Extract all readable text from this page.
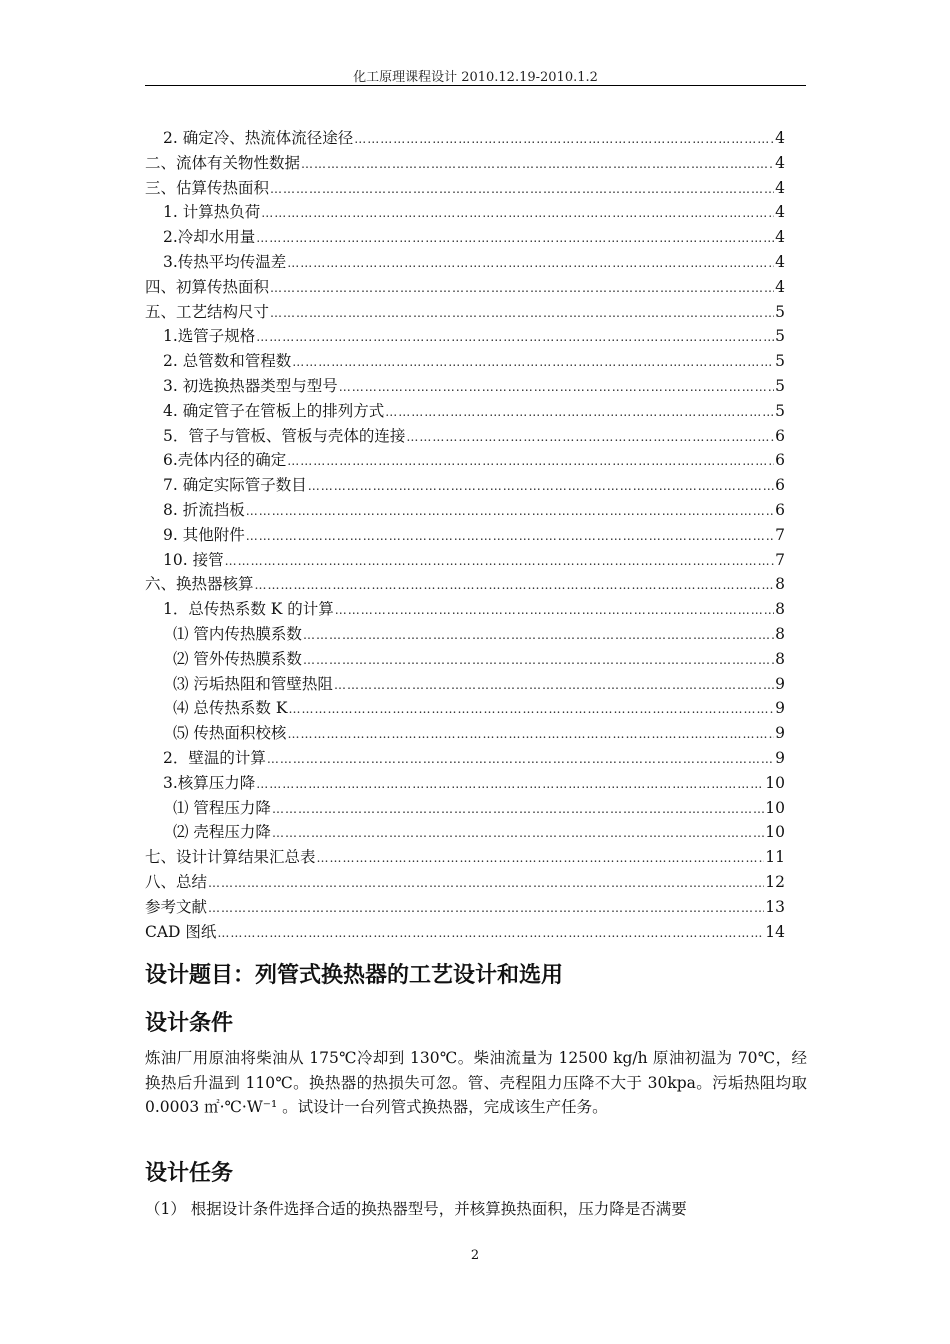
化工原理课程设计 2010.12.19-2010.1.2
2. 确定冷、热流体流径途径 ……………………………………………………………………………………………………………………………………………………………………………………………………	4
二、流体有关物性数据 ……………………………………………………………………………………………………………………………………………………………………………………………………	4
三、估算传热面积 ……………………………………………………………………………………………………………………………………………………………………………………………………	4
1. 计算热负荷 ……………………………………………………………………………………………………………………………………………………………………………………………………	4
2.冷却水用量 ……………………………………………………………………………………………………………………………………………………………………………………………………	4
3.传热平均传温差 ……………………………………………………………………………………………………………………………………………………………………………………………………	4
四、初算传热面积 ……………………………………………………………………………………………………………………………………………………………………………………………………	4
五、工艺结构尺寸 ……………………………………………………………………………………………………………………………………………………………………………………………………	5
1.选管子规格 ……………………………………………………………………………………………………………………………………………………………………………………………………	5
2. 总管数和管程数 ……………………………………………………………………………………………………………………………………………………………………………………………………	5
3. 初选换热器类型与型号 ……………………………………………………………………………………………………………………………………………………………………………………………………	5
4. 确定管子在管板上的排列方式 ……………………………………………………………………………………………………………………………………………………………………………………………………	5
5．管子与管板、管板与壳体的连接 ……………………………………………………………………………………………………………………………………………………………………………………………………	6
6.壳体内径的确定 ……………………………………………………………………………………………………………………………………………………………………………………………………	6
7. 确定实际管子数目 ……………………………………………………………………………………………………………………………………………………………………………………………………	6
8. 折流挡板 ……………………………………………………………………………………………………………………………………………………………………………………………………	6
9. 其他附件 ……………………………………………………………………………………………………………………………………………………………………………………………………	7
10. 接管 ……………………………………………………………………………………………………………………………………………………………………………………………………	7
六、换热器核算 ……………………………………………………………………………………………………………………………………………………………………………………………………	8
1．总传热系数 K 的计算 ……………………………………………………………………………………………………………………………………………………………………………………………………	8
⑴ 管内传热膜系数 ……………………………………………………………………………………………………………………………………………………………………………………………………	8
⑵ 管外传热膜系数 ……………………………………………………………………………………………………………………………………………………………………………………………………	8
⑶ 污垢热阻和管壁热阻 ……………………………………………………………………………………………………………………………………………………………………………………………………	9
⑷ 总传热系数 K ……………………………………………………………………………………………………………………………………………………………………………………………………	9
⑸ 传热面积校核 ……………………………………………………………………………………………………………………………………………………………………………………………………	9
2．壁温的计算 ……………………………………………………………………………………………………………………………………………………………………………………………………	9
3.核算压力降 ……………………………………………………………………………………………………………………………………………………………………………………………………	10
⑴ 管程压力降 ……………………………………………………………………………………………………………………………………………………………………………………………………	10
⑵ 壳程压力降 ……………………………………………………………………………………………………………………………………………………………………………………………………	10
七、设计计算结果汇总表 ……………………………………………………………………………………………………………………………………………………………………………………………………	11
八、总结 ……………………………………………………………………………………………………………………………………………………………………………………………………	12
参考文献 ……………………………………………………………………………………………………………………………………………………………………………………………………	13
CAD 图纸 ……………………………………………………………………………………………………………………………………………………………………………………………………	14
设计题目：列管式换热器的工艺设计和选用
设计条件

炼油厂用原油将柴油从 175℃冷却到 130℃。柴油流量为 12500 kg/h 原油初温为 70℃，经换热后升温到 110℃。换热器的热损失可忽。管、壳程阻力压降不大于 30kpa。污垢热阻均取 0.0003 ㎡·℃·W⁻¹ 。试设计一台列管式换热器，完成该生产任务。

设计任务

（1） 根据设计条件选择合适的换热器型号，并核算换热面积，压力降是否满要

2
